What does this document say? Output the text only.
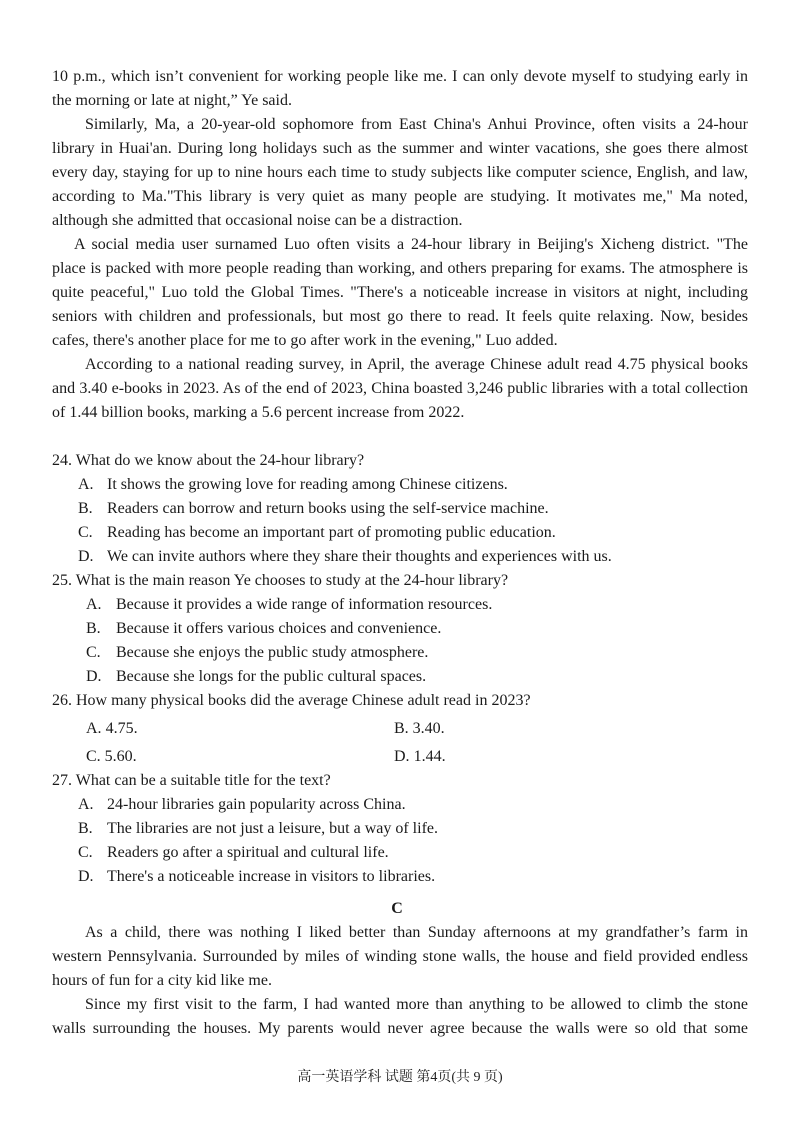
10 p.m., which isn’t convenient for working people like me. I can only devote myself to studying early in
the morning or late at night,” Ye said.
Similarly, Ma, a 20-year-old sophomore from East China's Anhui Province, often visits a 24-hour
library in Huai'an. During long holidays such as the summer and winter vacations, she goes there almost
every day, staying for up to nine hours each time to study subjects like computer science, English, and law,
according to Ma."This library is very quiet as many people are studying. It motivates me," Ma noted,
although she admitted that occasional noise can be a distraction.
A social media user surnamed Luo often visits a 24-hour library in Beijing's Xicheng district. "The
place is packed with more people reading than working, and others preparing for exams. The atmosphere is
quite peaceful," Luo told the Global Times. "There's a noticeable increase in visitors at night, including
seniors with children and professionals, but most go there to read. It feels quite relaxing. Now, besides
cafes, there's another place for me to go after work in the evening," Luo added.
According to a national reading survey, in April, the average Chinese adult read 4.75 physical books
and 3.40 e-books in 2023. As of the end of 2023, China boasted 3,246 public libraries with a total collection
of 1.44 billion books, marking a 5.6 percent increase from 2022.
24. What do we know about the 24-hour library?
A. It shows the growing love for reading among Chinese citizens.
B. Readers can borrow and return books using the self-service machine.
C. Reading has become an important part of promoting public education.
D. We can invite authors where they share their thoughts and experiences with us.
25. What is the main reason Ye chooses to study at the 24-hour library?
A. Because it provides a wide range of information resources.
B. Because it offers various choices and convenience.
C. Because she enjoys the public study atmosphere.
D. Because she longs for the public cultural spaces.
26. How many physical books did the average Chinese adult read in 2023?
A. 4.75.	B. 3.40.
C. 5.60.	D. 1.44.
27. What can be a suitable title for the text?
A. 24-hour libraries gain popularity across China.
B. The libraries are not just a leisure, but a way of life.
C. Readers go after a spiritual and cultural life.
D. There's a noticeable increase in visitors to libraries.
C
As a child, there was nothing I liked better than Sunday afternoons at my grandfather’s farm in
western Pennsylvania. Surrounded by miles of winding stone walls, the house and field provided endless
hours of fun for a city kid like me.
Since my first visit to the farm, I had wanted more than anything to be allowed to climb the stone
walls surrounding the houses. My parents would never agree because the walls were so old that some
高一英语学科 试题 第4页(共 9 页)
